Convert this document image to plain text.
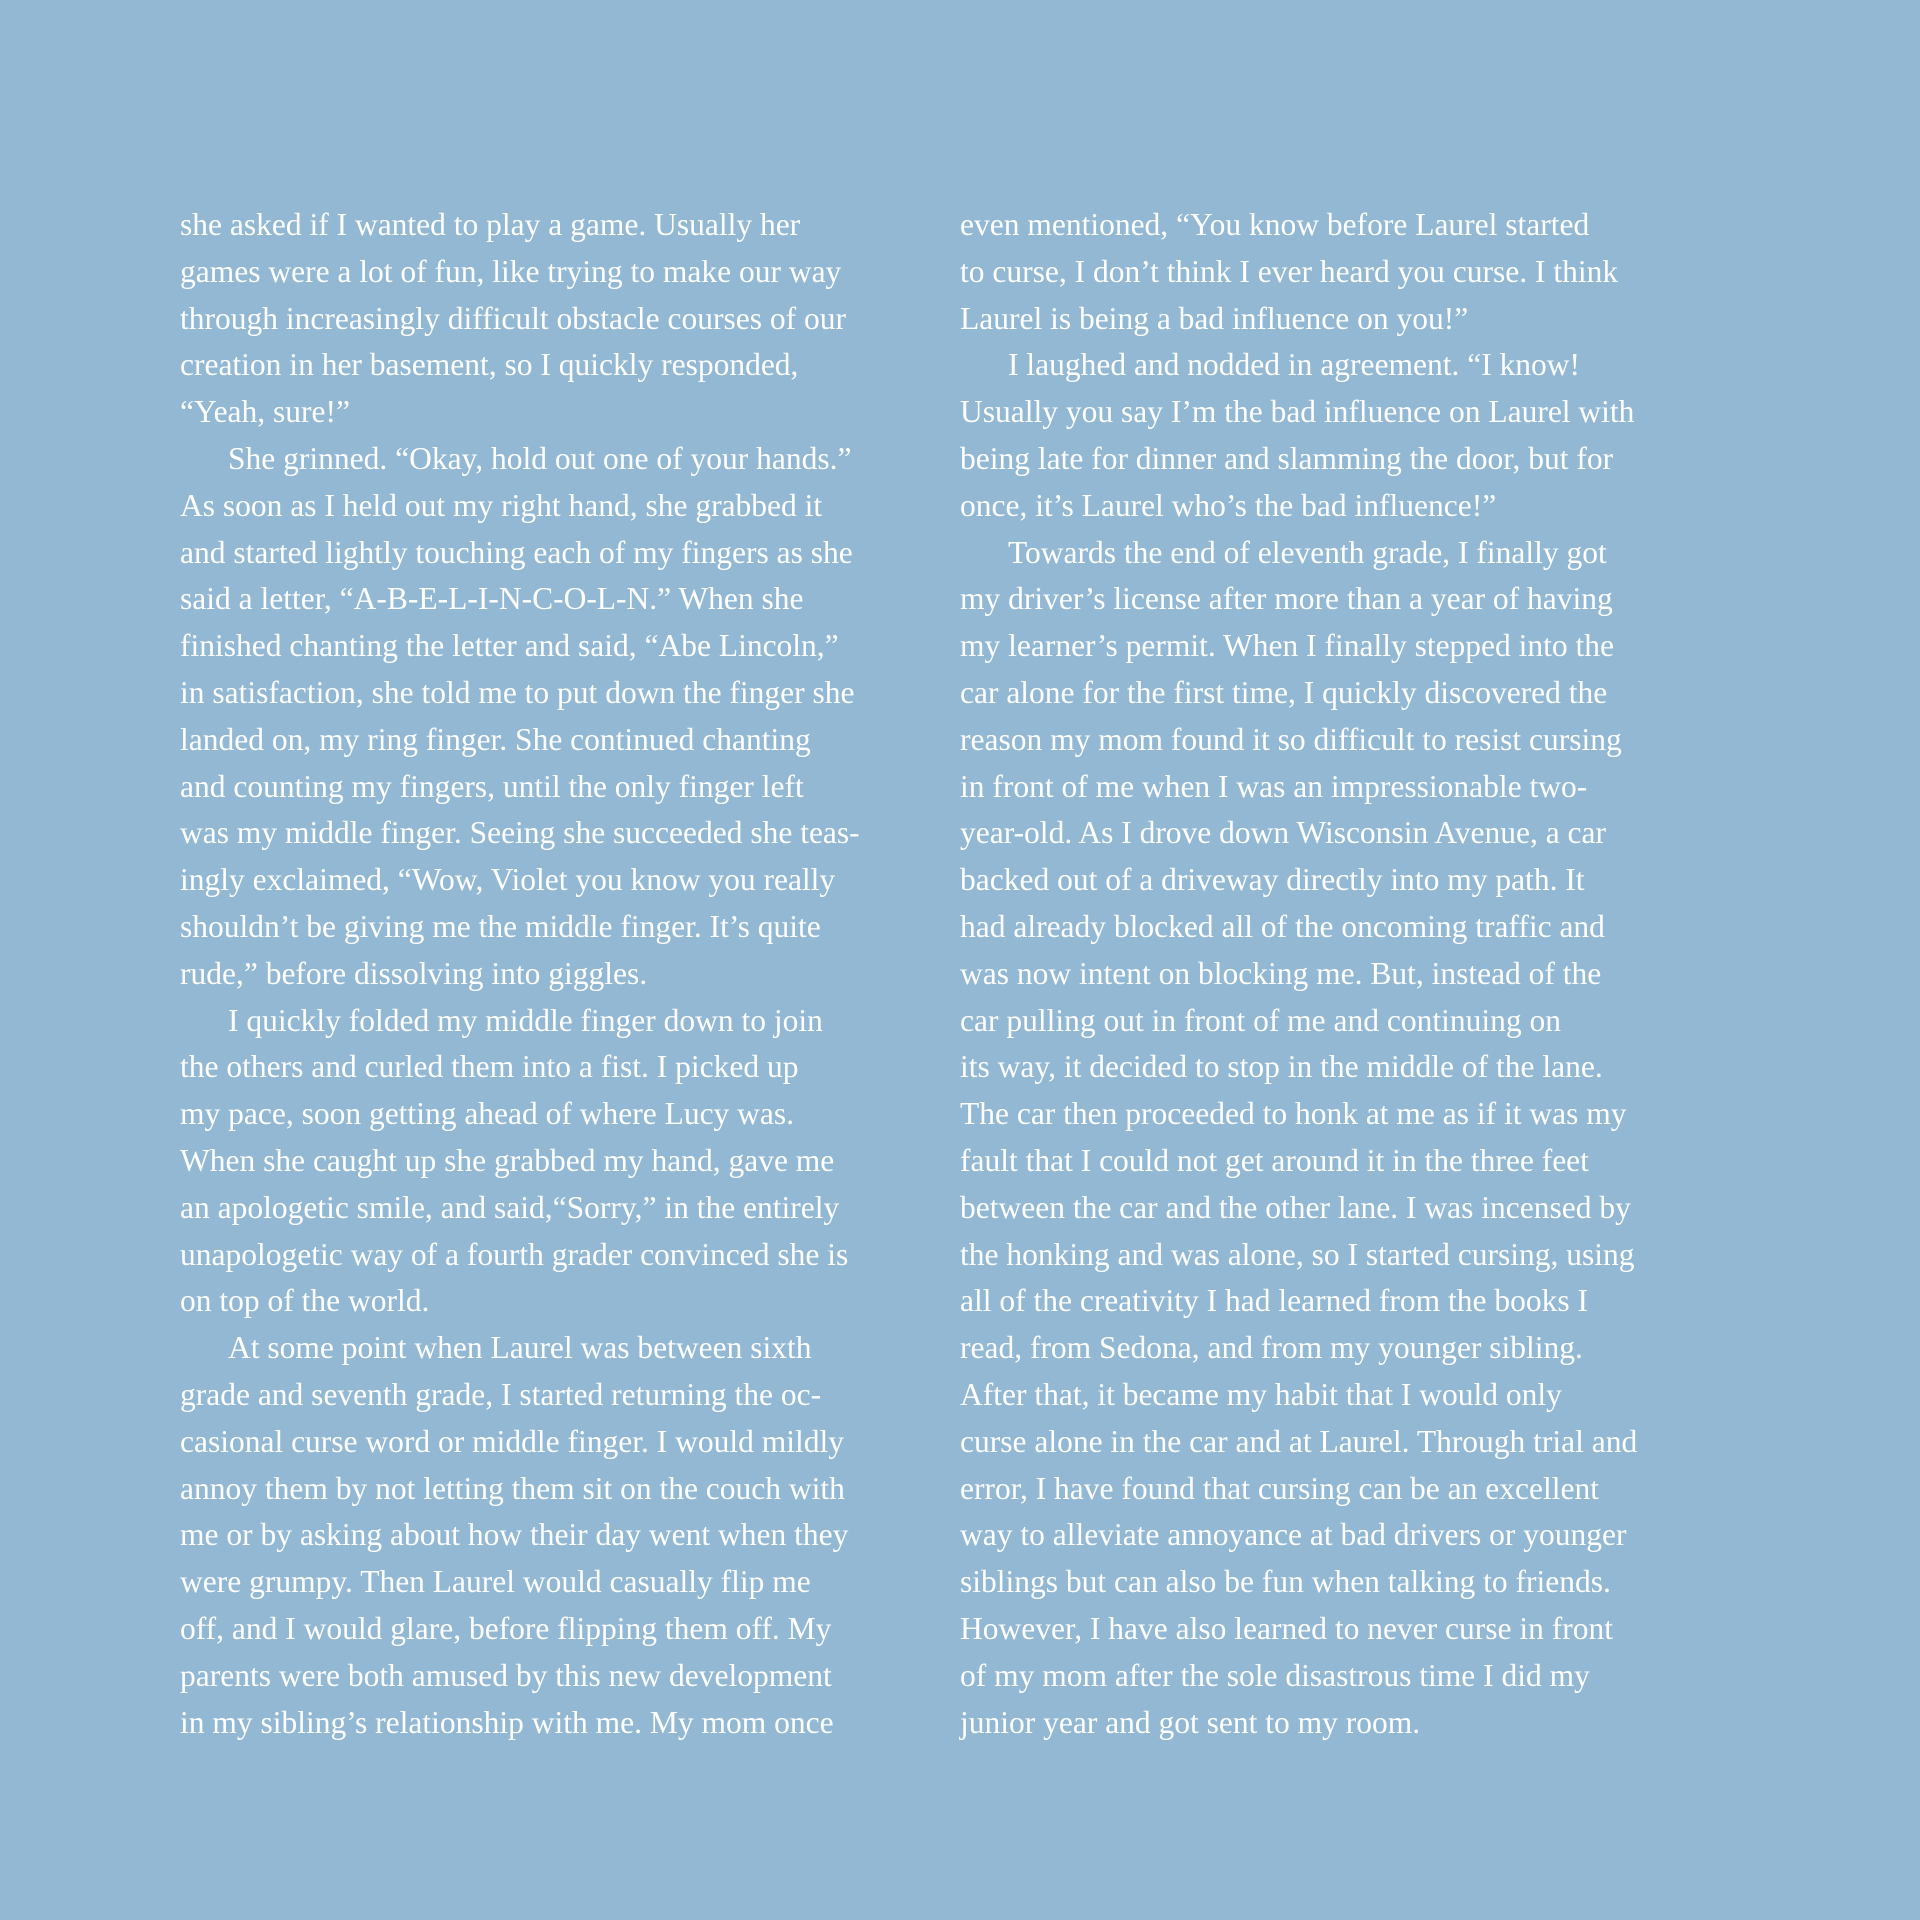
she asked if I wanted to play a game. Usually her
games were a lot of fun, like trying to make our way
through increasingly difficult obstacle courses of our
creation in her basement, so I quickly responded,
“Yeah, sure!”
She grinned. “Okay, hold out one of your hands.”
As soon as I held out my right hand, she grabbed it
and started lightly touching each of my fingers as she
said a letter, “A-B-E-L-I-N-C-O-L-N.” When she
finished chanting the letter and said, “Abe Lincoln,”
in satisfaction, she told me to put down the finger she
landed on, my ring finger. She continued chanting
and counting my fingers, until the only finger left
was my middle finger. Seeing she succeeded she teas-
ingly exclaimed, “Wow, Violet you know you really
shouldn’t be giving me the middle finger. It’s quite
rude,” before dissolving into giggles.
I quickly folded my middle finger down to join
the others and curled them into a fist. I picked up
my pace, soon getting ahead of where Lucy was.
When she caught up she grabbed my hand, gave me
an apologetic smile, and said,“Sorry,” in the entirely
unapologetic way of a fourth grader convinced she is
on top of the world.
At some point when Laurel was between sixth
grade and seventh grade, I started returning the oc-
casional curse word or middle finger. I would mildly
annoy them by not letting them sit on the couch with
me or by asking about how their day went when they
were grumpy. Then Laurel would casually flip me
off, and I would glare, before flipping them off. My
parents were both amused by this new development
in my sibling’s relationship with me. My mom once
even mentioned, “You know before Laurel started
to curse, I don’t think I ever heard you curse. I think
Laurel is being a bad influence on you!”
I laughed and nodded in agreement. “I know!
Usually you say I’m the bad influence on Laurel with
being late for dinner and slamming the door, but for
once, it’s Laurel who’s the bad influence!”
Towards the end of eleventh grade, I finally got
my driver’s license after more than a year of having
my learner’s permit. When I finally stepped into the
car alone for the first time, I quickly discovered the
reason my mom found it so difficult to resist cursing
in front of me when I was an impressionable two-
year-old. As I drove down Wisconsin Avenue, a car
backed out of a driveway directly into my path. It
had already blocked all of the oncoming traffic and
was now intent on blocking me. But, instead of the
car pulling out in front of me and continuing on
its way, it decided to stop in the middle of the lane.
The car then proceeded to honk at me as if it was my
fault that I could not get around it in the three feet
between the car and the other lane. I was incensed by
the honking and was alone, so I started cursing, using
all of the creativity I had learned from the books I
read, from Sedona, and from my younger sibling.
After that, it became my habit that I would only
curse alone in the car and at Laurel. Through trial and
error, I have found that cursing can be an excellent
way to alleviate annoyance at bad drivers or younger
siblings but can also be fun when talking to friends.
However, I have also learned to never curse in front
of my mom after the sole disastrous time I did my
junior year and got sent to my room.
